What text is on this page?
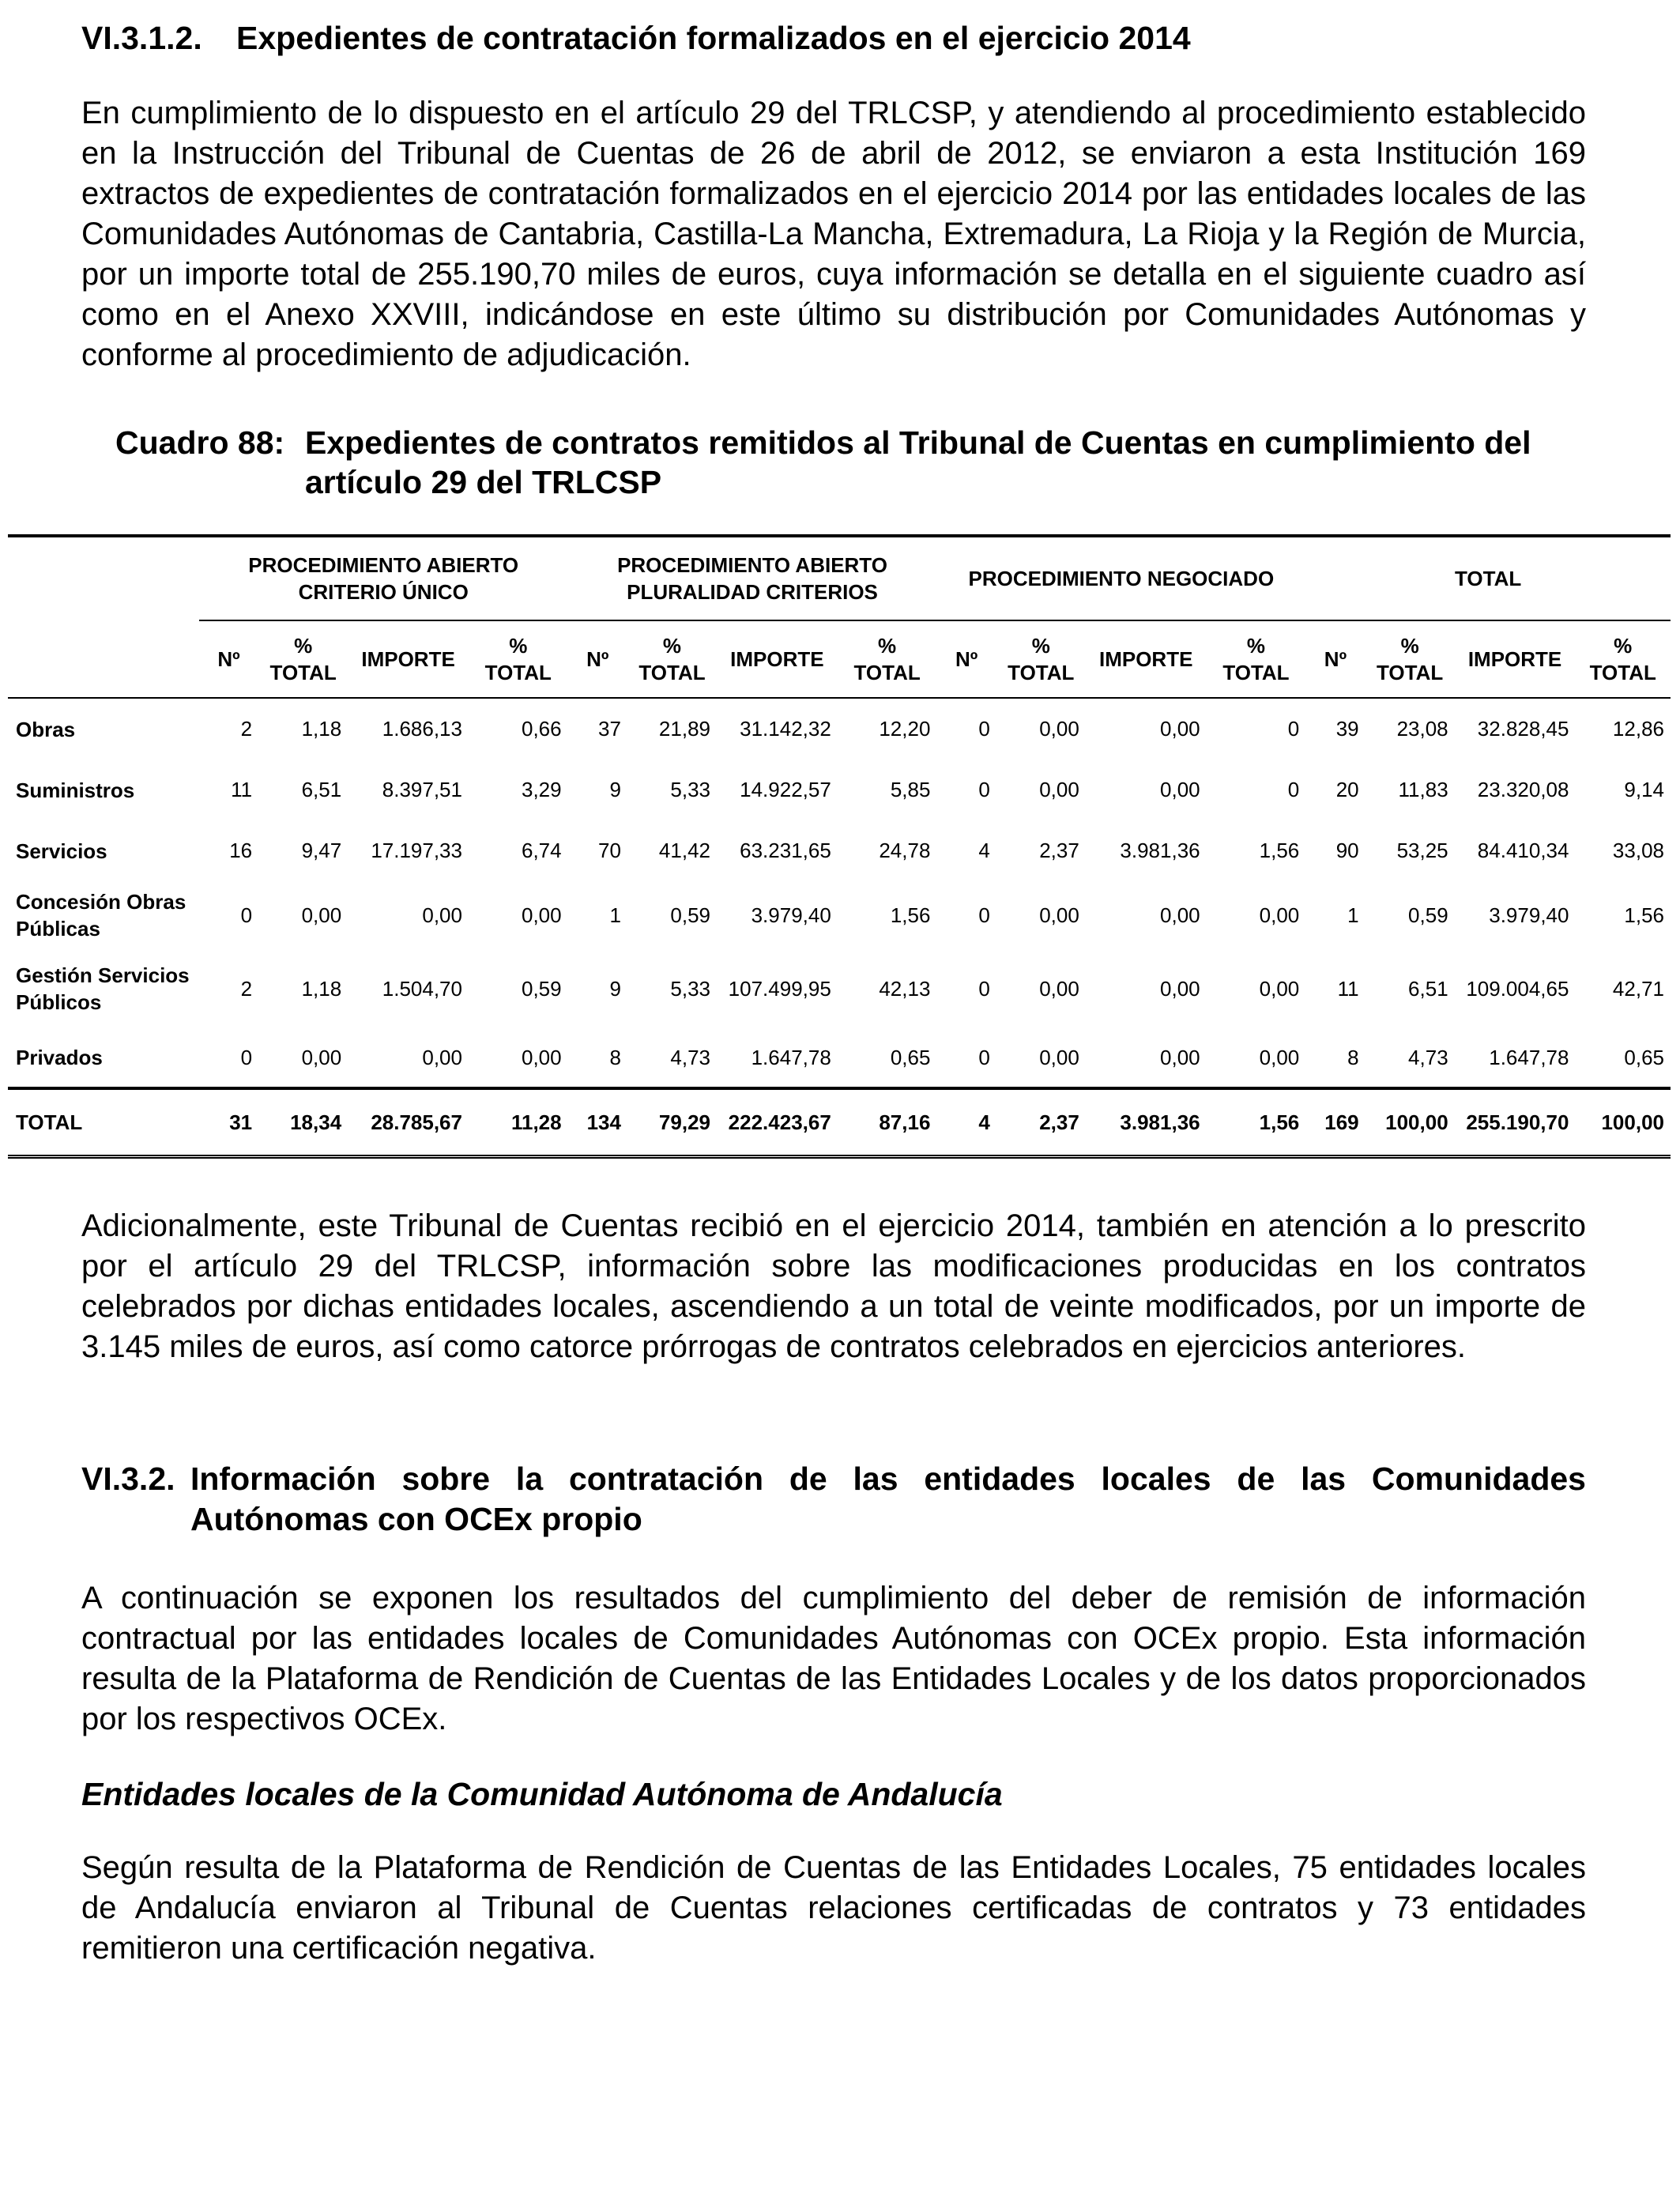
VI.3.1.2. Expedientes de contratación formalizados en el ejercicio 2014

En cumplimiento de lo dispuesto en el artículo 29 del TRLCSP, y atendiendo al procedimiento establecido en la Instrucción del Tribunal de Cuentas de 26 de abril de 2012, se enviaron a esta Institución 169 extractos de expedientes de contratación formalizados en el ejercicio 2014 por las entidades locales de las Comunidades Autónomas de Cantabria, Castilla-La Mancha, Extremadura, La Rioja y la Región de Murcia, por un importe total de 255.190,70 miles de euros, cuya información se detalla en el siguiente cuadro así como en el Anexo XXVIII, indicándose en este último su distribución por Comunidades Autónomas y conforme al procedimiento de adjudicación.

Cuadro 88: Expedientes de contratos remitidos al Tribunal de Cuentas en cumplimiento del artículo 29 del TRLCSP
	PROCEDIMIENTO ABIERTO CRITERIO ÚNICO				PROCEDIMIENTO ABIERTO PLURALIDAD CRITERIOS				PROCEDIMIENTO NEGOCIADO				TOTAL			
	Nº	% TOTAL	IMPORTE	% TOTAL	Nº	% TOTAL	IMPORTE	% TOTAL	Nº	% TOTAL	IMPORTE	% TOTAL	Nº	% TOTAL	IMPORTE	% TOTAL
Obras	2	1,18	1.686,13	0,66	37	21,89	31.142,32	12,20	0	0,00	0,00	0	39	23,08	32.828,45	12,86
Suministros	11	6,51	8.397,51	3,29	9	5,33	14.922,57	5,85	0	0,00	0,00	0	20	11,83	23.320,08	9,14
Servicios	16	9,47	17.197,33	6,74	70	41,42	63.231,65	24,78	4	2,37	3.981,36	1,56	90	53,25	84.410,34	33,08
Concesión Obras Públicas	0	0,00	0,00	0,00	1	0,59	3.979,40	1,56	0	0,00	0,00	0,00	1	0,59	3.979,40	1,56
Gestión Servicios Públicos	2	1,18	1.504,70	0,59	9	5,33	107.499,95	42,13	0	0,00	0,00	0,00	11	6,51	109.004,65	42,71
Privados	0	0,00	0,00	0,00	8	4,73	1.647,78	0,65	0	0,00	0,00	0,00	8	4,73	1.647,78	0,65
TOTAL	31	18,34	28.785,67	11,28	134	79,29	222.423,67	87,16	4	2,37	3.981,36	1,56	169	100,00	255.190,70	100,00

Adicionalmente, este Tribunal de Cuentas recibió en el ejercicio 2014, también en atención a lo prescrito por el artículo 29 del TRLCSP, información sobre las modificaciones producidas en los contratos celebrados por dichas entidades locales, ascendiendo a un total de veinte modificados, por un importe de 3.145 miles de euros, así como catorce prórrogas de contratos celebrados en ejercicios anteriores.

VI.3.2. Información sobre la contratación de las entidades locales de las Comunidades Autónomas con OCEx propio

A continuación se exponen los resultados del cumplimiento del deber de remisión de información contractual por las entidades locales de Comunidades Autónomas con OCEx propio. Esta información resulta de la Plataforma de Rendición de Cuentas de las Entidades Locales y de los datos proporcionados por los respectivos OCEx.

Entidades locales de la Comunidad Autónoma de Andalucía

Según resulta de la Plataforma de Rendición de Cuentas de las Entidades Locales, 75 entidades locales de Andalucía enviaron al Tribunal de Cuentas relaciones certificadas de contratos y 73 entidades remitieron una certificación negativa.
